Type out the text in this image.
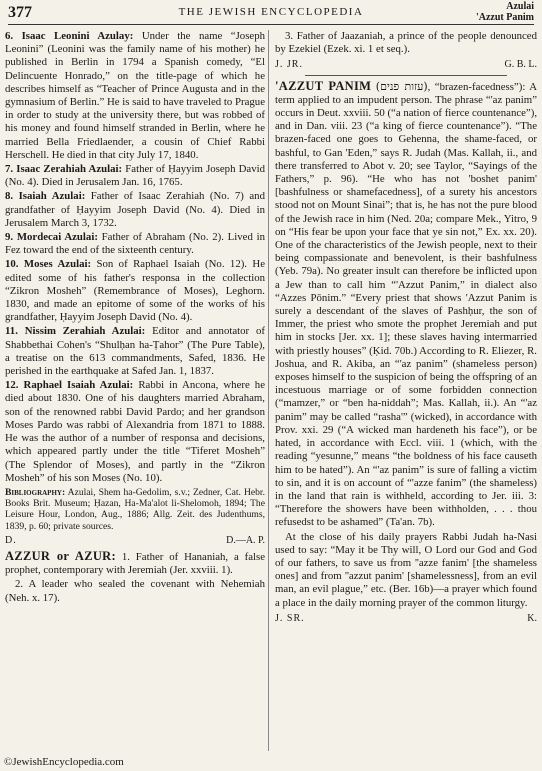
377	THE JEWISH ENCYCLOPEDIA	Azulai
'Azzut Panim

6. Isaac Leonini Azulay: Under the name “Joseph Leonini” (Leonini was the family name of his mother) he published in Berlin in 1794 a Spanish comedy, “El Delincuente Honrado,” on the title-page of which he describes himself as “Teacher of Prince Augusta and in the gymnasium of Berlin.” He is said to have traveled to Prague in order to study at the university there, but was robbed of his money and found himself stranded in Berlin, where he married Bella Friedlaender, a cousin of Chief Rabbi Herschell. He died in that city July 17, 1840.

7. Isaac Zerahiah Azulai: Father of Ḥayyim Joseph David (No. 4). Died in Jerusalem Jan. 16, 1765.

8. Isaiah Azulai: Father of Isaac Zerahiah (No. 7) and grandfather of Ḥayyim Joseph David (No. 4). Died in Jerusalem March 3, 1732.

9. Mordecai Azulai: Father of Abraham (No. 2). Lived in Fez toward the end of the sixteenth century.

10. Moses Azulai: Son of Raphael Isaiah (No. 12). He edited some of his father's responsa in the collection “Zikron Mosheh” (Remembrance of Moses), Leghorn. 1830, and made an epitome of some of the works of his grandfather, Ḥayyim Joseph David (No. 4).

11. Nissim Zerahiah Azulai: Editor and annotator of Shabbethai Cohen's “Shulḥan ha-Ṭahor” (The Pure Table), a treatise on the 613 commandments, Safed, 1836. He perished in the earthquake at Safed Jan. 1, 1837.

12. Raphael Isaiah Azulai: Rabbi in Ancona, where he died about 1830. One of his daughters married Abraham, son of the renowned rabbi David Pardo; and her grandson Moses Pardo was rabbi of Alexandria from 1871 to 1888. He was the author of a number of responsa and decisions, which appeared partly under the title “Tiferet Mosheh” (The Splendor of Moses), and partly in the “Zikron Mosheh” of his son Moses (No. 10).

Bibliography: Azulai, Shem ha-Gedolim, s.v.; Zedner, Cat. Hebr. Books Brit. Museum; Ḥazan, Ha-Ma'alot li-Shelomoh, 1894; The Leisure Hour, London, Aug., 1886; Allg. Zeit. des Judenthums, 1839, p. 60; private sources.
D.	D.—A. P.

AZZUR or AZUR: 1. Father of Hananiah, a false prophet, contemporary with Jeremiah (Jer. xxviii. 1).

2. A leader who sealed the covenant with Nehemiah (Neh. x. 17).

3. Father of Jaazaniah, a prince of the people denounced by Ezekiel (Ezek. xi. 1 et seq.).

J. JR.	G. B. L.

'AZZUT PANIM (עזות פנים), “brazen-facedness”): A term applied to an impudent person. The phrase “'az panim” occurs in Deut. xxviii. 50 (“a nation of fierce countenance”), and in Dan. viii. 23 (“a king of fierce countenance”). “The brazen-faced one goes to Gehenna, the shame-faced, or bashful, to Gan 'Eden,” says R. Judah (Mas. Kallah, ii., and there transferred to Abot v. 20; see Taylor, “Sayings of the Fathers,” p. 96). “He who has not 'boshet panim' [bashfulness or shamefacedness], of a surety his ancestors stood not on Mount Sinai”; that is, he has not the pure blood of the Jewish race in him (Ned. 20a; compare Mek., Yitro, 9 on “His fear be upon your face that ye sin not,” Ex. xx. 20). One of the characteristics of the Jewish people, next to their being compassionate and benevolent, is their bashfulness (Yeb. 79a). No greater insult can therefore be inflicted upon a Jew than to call him “'Azzut Panim,” in dialect also “Azzes Pōnim.” “Every priest that shows 'Azzut Panim is surely a descendant of the slaves of Pashḥur, the son of Immer, the priest who smote the prophet Jeremiah and put him in stocks [Jer. xx. 1]; these slaves having intermarried with priestly houses” (Ḳid. 70b.) According to R. Eliezer, R. Joshua, and R. Akiba, an “'az panim” (shameless person) exposes himself to the suspicion of being the offspring of an incestuous marriage or of some forbidden connection (“mamzer,” or “ben ha-niddah”; Mas. Kallah, ii.). An “'az panim” may be called “rasha'” (wicked), in accordance with Prov. xxi. 29 (“A wicked man hardeneth his face”), or be hated, in accordance with Eccl. viii. 1 (which, with the reading “yesunne,” means “the boldness of his face causeth him to be hated”). An “'az panim” is sure of falling a victim to sin, and it is on account of “'azze fanim” (the shameless) in the land that rain is withheld, according to Jer. iii. 3: “Therefore the showers have been withholden, . . . thou refusedst to be ashamed” (Ta'an. 7b).

At the close of his daily prayers Rabbi Judah ha-Nasi used to say: “May it be Thy will, O Lord our God and God of our fathers, to save us from ''azze fanim' [the shameless ones] and from ''azzut panim' [shamelessness], from an evil man, an evil plague,” etc. (Ber. 16b)—a prayer which found a place in the daily morning prayer of the common liturgy.

J. SR.	K.
©JewishEncyclopedia.com
